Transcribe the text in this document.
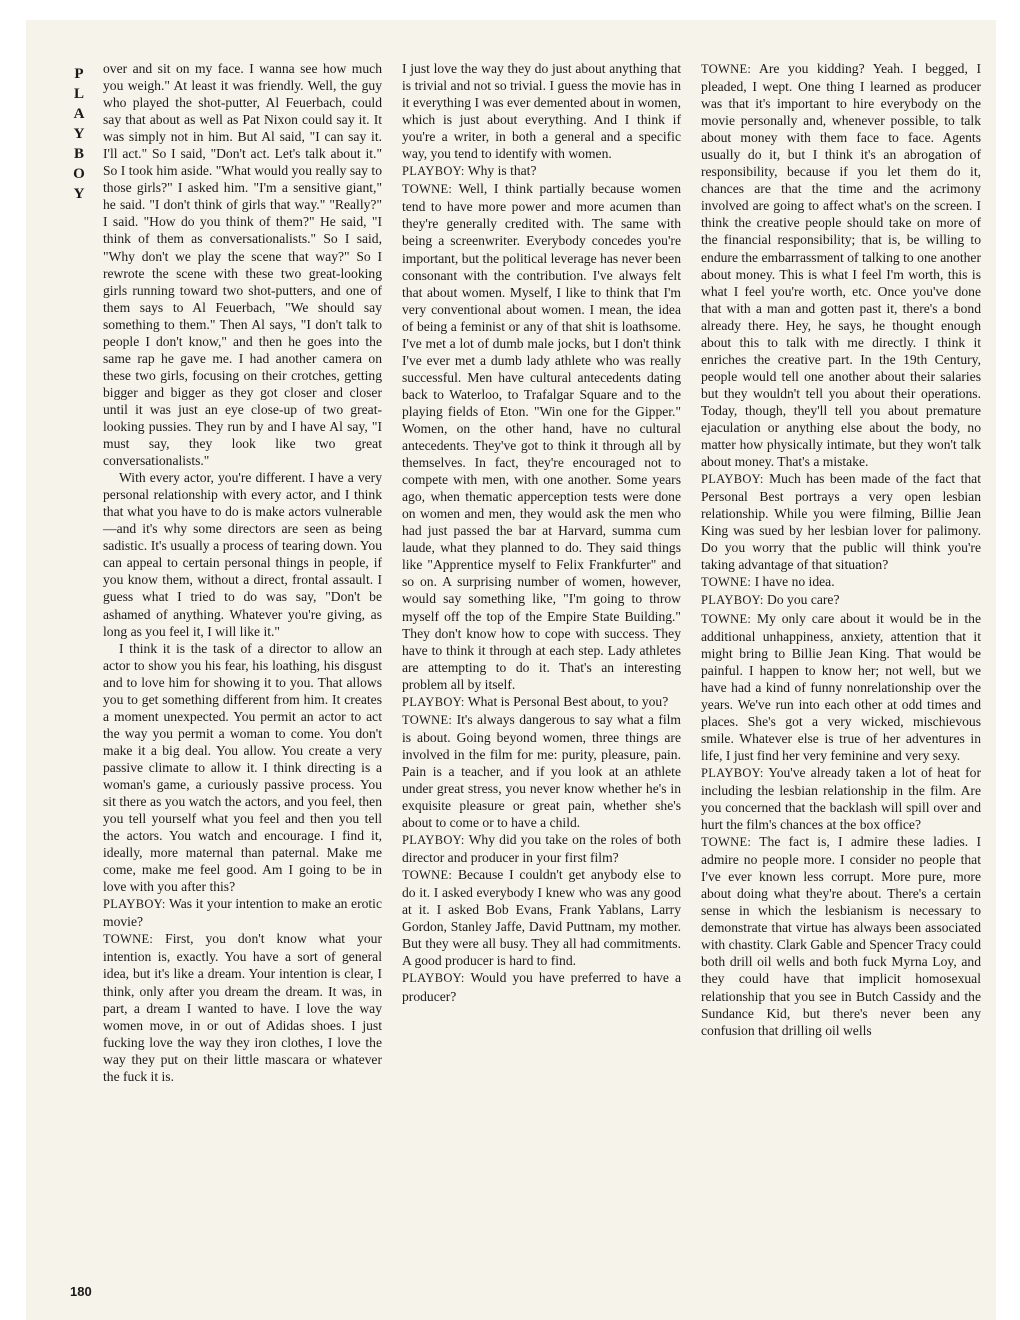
P
L
A
Y
B
O
Y

over and sit on my face. I wanna see how much you weigh." At least it was friendly. Well, the guy who played the shot-putter, Al Feuerbach, could say that about as well as Pat Nixon could say it. It was simply not in him. But Al said, "I can say it. I'll act." So I said, "Don't act. Let's talk about it." So I took him aside. "What would you really say to those girls?" I asked him. "I'm a sensitive giant," he said. "I don't think of girls that way." "Really?" I said. "How do you think of them?" He said, "I think of them as conversationalists." So I said, "Why don't we play the scene that way?" So I rewrote the scene with these two great-looking girls running toward two shot-putters, and one of them says to Al Feuerbach, "We should say something to them." Then Al says, "I don't talk to people I don't know," and then he goes into the same rap he gave me. I had another camera on these two girls, focusing on their crotches, getting bigger and bigger as they got closer and closer until it was just an eye close-up of two great-looking pussies. They run by and I have Al say, "I must say, they look like two great conversationalists."

With every actor, you're different. I have a very personal relationship with every actor, and I think that what you have to do is make actors vulnerable—and it's why some directors are seen as being sadistic. It's usually a process of tearing down. You can appeal to certain personal things in people, if you know them, without a direct, frontal assault. I guess what I tried to do was say, "Don't be ashamed of anything. Whatever you're giving, as long as you feel it, I will like it."

I think it is the task of a director to allow an actor to show you his fear, his loathing, his disgust and to love him for showing it to you. That allows you to get something different from him. It creates a moment unexpected. You permit an actor to act the way you permit a woman to come. You don't make it a big deal. You allow. You create a very passive climate to allow it. I think directing is a woman's game, a curiously passive process. You sit there as you watch the actors, and you feel, then you tell yourself what you feel and then you tell the actors. You watch and encourage. I find it, ideally, more maternal than paternal. Make me come, make me feel good. Am I going to be in love with you after this?

PLAYBOY: Was it your intention to make an erotic movie?

TOWNE: First, you don't know what your intention is, exactly. You have a sort of general idea, but it's like a dream. Your intention is clear, I think, only after you dream the dream. It was, in part, a dream I wanted to have. I love the way women move, in or out of Adidas shoes. I just fucking love the way they iron clothes, I love the way they put on their little mascara or whatever the fuck it is.

I just love the way they do just about anything that is trivial and not so trivial. I guess the movie has in it everything I was ever demented about in women, which is just about everything. And I think if you're a writer, in both a general and a specific way, you tend to identify with women.

PLAYBOY: Why is that?

TOWNE: Well, I think partially because women tend to have more power and more acumen than they're generally credited with. The same with being a screenwriter. Everybody concedes you're important, but the political leverage has never been consonant with the contribution. I've always felt that about women. Myself, I like to think that I'm very conventional about women. I mean, the idea of being a feminist or any of that shit is loathsome. I've met a lot of dumb male jocks, but I don't think I've ever met a dumb lady athlete who was really successful. Men have cultural antecedents dating back to Waterloo, to Trafalgar Square and to the playing fields of Eton. "Win one for the Gipper." Women, on the other hand, have no cultural antecedents. They've got to think it through all by themselves. In fact, they're encouraged not to compete with men, with one another. Some years ago, when thematic apperception tests were done on women and men, they would ask the men who had just passed the bar at Harvard, summa cum laude, what they planned to do. They said things like "Apprentice myself to Felix Frankfurter" and so on. A surprising number of women, however, would say something like, "I'm going to throw myself off the top of the Empire State Building." They don't know how to cope with success. They have to think it through at each step. Lady athletes are attempting to do it. That's an interesting problem all by itself.

PLAYBOY: What is Personal Best about, to you?

TOWNE: It's always dangerous to say what a film is about. Going beyond women, three things are involved in the film for me: purity, pleasure, pain. Pain is a teacher, and if you look at an athlete under great stress, you never know whether he's in exquisite pleasure or great pain, whether she's about to come or to have a child.

PLAYBOY: Why did you take on the roles of both director and producer in your first film?

TOWNE: Because I couldn't get anybody else to do it. I asked everybody I knew who was any good at it. I asked Bob Evans, Frank Yablans, Larry Gordon, Stanley Jaffe, David Puttnam, my mother. But they were all busy. They all had commitments. A good producer is hard to find.

PLAYBOY: Would you have preferred to have a producer?

TOWNE: Are you kidding? Yeah. I begged, I pleaded, I wept. One thing I learned as producer was that it's important to hire everybody on the movie personally and, whenever possible, to talk about money with them face to face. Agents usually do it, but I think it's an abrogation of responsibility, because if you let them do it, chances are that the time and the acrimony involved are going to affect what's on the screen. I think the creative people should take on more of the financial responsibility; that is, be willing to endure the embarrassment of talking to one another about money. This is what I feel I'm worth, this is what I feel you're worth, etc. Once you've done that with a man and gotten past it, there's a bond already there. Hey, he says, he thought enough about this to talk with me directly. I think it enriches the creative part. In the 19th Century, people would tell one another about their salaries but they wouldn't tell you about their operations. Today, though, they'll tell you about premature ejaculation or anything else about the body, no matter how physically intimate, but they won't talk about money. That's a mistake.

PLAYBOY: Much has been made of the fact that Personal Best portrays a very open lesbian relationship. While you were filming, Billie Jean King was sued by her lesbian lover for palimony. Do you worry that the public will think you're taking advantage of that situation?

TOWNE: I have no idea.

PLAYBOY: Do you care?

TOWNE: My only care about it would be in the additional unhappiness, anxiety, attention that it might bring to Billie Jean King. That would be painful. I happen to know her; not well, but we have had a kind of funny nonrelationship over the years. We've run into each other at odd times and places. She's got a very wicked, mischievous smile. Whatever else is true of her adventures in life, I just find her very feminine and very sexy.

PLAYBOY: You've already taken a lot of heat for including the lesbian relationship in the film. Are you concerned that the backlash will spill over and hurt the film's chances at the box office?

TOWNE: The fact is, I admire these ladies. I admire no people more. I consider no people that I've ever known less corrupt. More pure, more about doing what they're about. There's a certain sense in which the lesbianism is necessary to demonstrate that virtue has always been associated with chastity. Clark Gable and Spencer Tracy could both drill oil wells and both fuck Myrna Loy, and they could have that implicit homosexual relationship that you see in Butch Cassidy and the Sundance Kid, but there's never been any confusion that drilling oil wells

180
